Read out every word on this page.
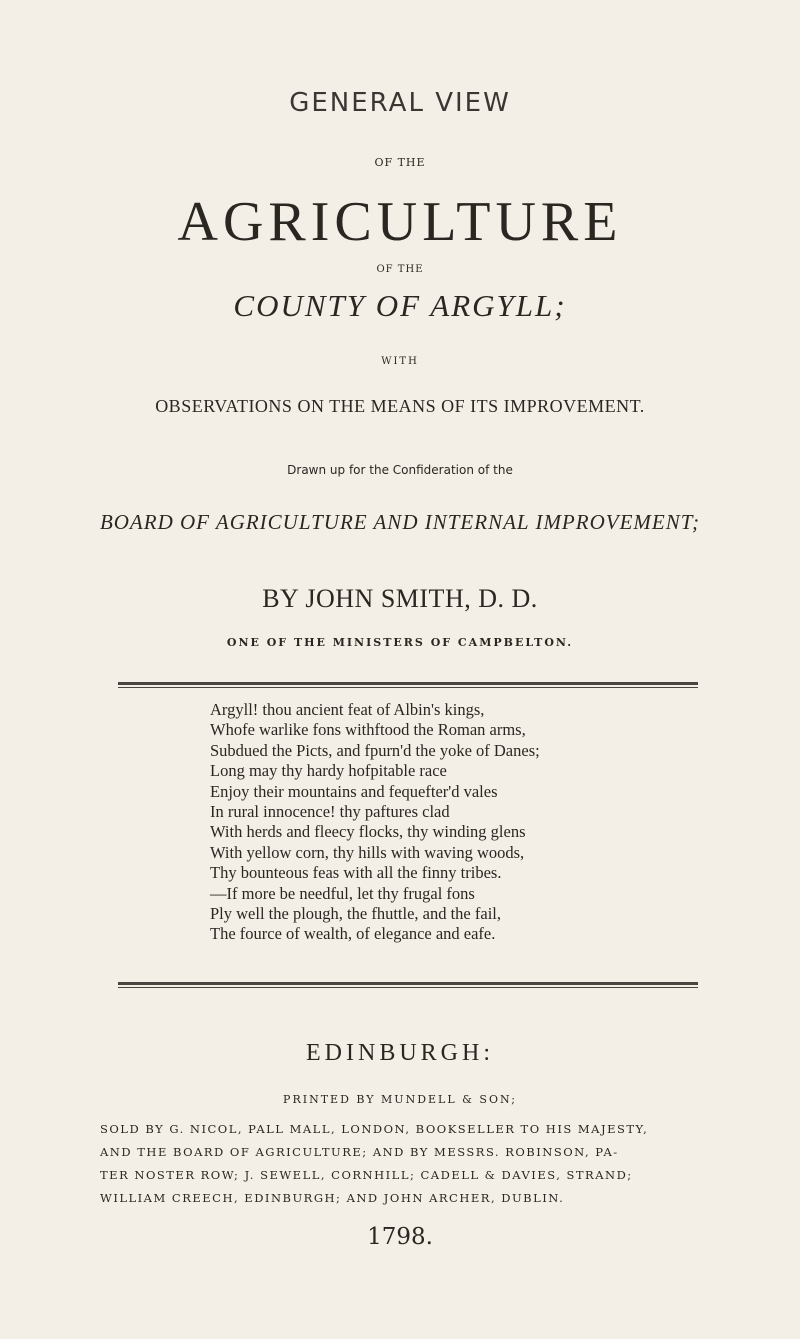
GENERAL VIEW
OF THE
AGRICULTURE
OF THE
COUNTY OF ARGYLL;
WITH
OBSERVATIONS ON THE MEANS OF ITS IMPROVEMENT.
Drawn up for the Confideration of the
BOARD OF AGRICULTURE AND INTERNAL IMPROVEMENT;
BY JOHN SMITH, D. D.
ONE OF THE MINISTERS OF CAMPBELTON.
Argyll! thou ancient feat of Albin's kings,
Whofe warlike fons withftood the Roman arms,
Subdued the Picts, and fpurn'd the yoke of Danes;
Long may thy hardy hofpitable race
Enjoy their mountains and fequefter'd vales
In rural innocence! thy paftures clad
With herds and fleecy flocks, thy winding glens
With yellow corn, thy hills with waving woods,
Thy bounteous feas with all the finny tribes.
—If more be needful, let thy frugal fons
Ply well the plough, the fhuttle, and the fail,
The fource of wealth, of elegance and eafe.
EDINBURGH:
PRINTED BY MUNDELL & SON;
SOLD BY G. NICOL, PALL MALL, LONDON, BOOKSELLER TO HIS MAJESTY,
AND THE BOARD OF AGRICULTURE; AND BY MESSRS. ROBINSON, PA-
TER NOSTER ROW; J. SEWELL, CORNHILL; CADELL & DAVIES, STRAND;
WILLIAM CREECH, EDINBURGH; AND JOHN ARCHER, DUBLIN.
1798.
